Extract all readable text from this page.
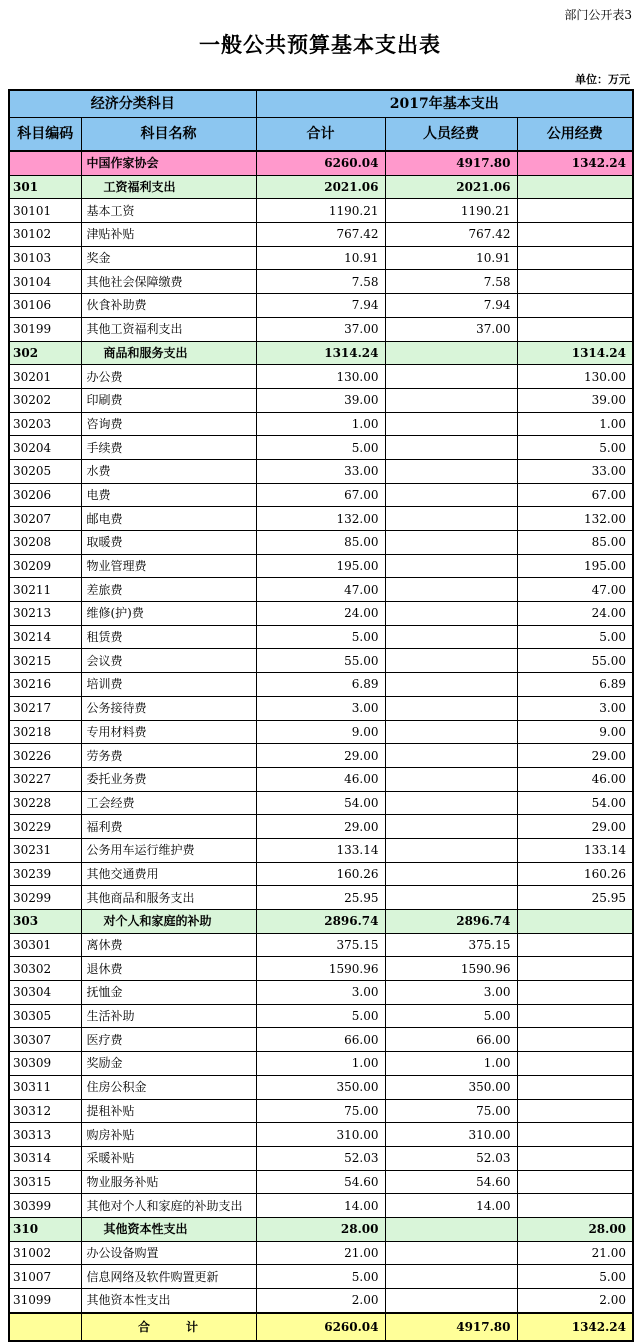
部门公开表3
一般公共预算基本支出表
单位：万元
经济分类科目		2017年基本支出		
科目编码	科目名称	合计	人员经费	公用经费
	中国作家协会	6260.04	4917.80	1342.24
301	工资福利支出	2021.06	2021.06	
30101	基本工资	1190.21	1190.21	
30102	津贴补贴	767.42	767.42	
30103	奖金	10.91	10.91	
30104	其他社会保障缴费	7.58	7.58	
30106	伙食补助费	7.94	7.94	
30199	其他工资福利支出	37.00	37.00	
302	商品和服务支出	1314.24		1314.24
30201	办公费	130.00		130.00
30202	印刷费	39.00		39.00
30203	咨询费	1.00		1.00
30204	手续费	5.00		5.00
30205	水费	33.00		33.00
30206	电费	67.00		67.00
30207	邮电费	132.00		132.00
30208	取暖费	85.00		85.00
30209	物业管理费	195.00		195.00
30211	差旅费	47.00		47.00
30213	维修(护)费	24.00		24.00
30214	租赁费	5.00		5.00
30215	会议费	55.00		55.00
30216	培训费	6.89		6.89
30217	公务接待费	3.00		3.00
30218	专用材料费	9.00		9.00
30226	劳务费	29.00		29.00
30227	委托业务费	46.00		46.00
30228	工会经费	54.00		54.00
30229	福利费	29.00		29.00
30231	公务用车运行维护费	133.14		133.14
30239	其他交通费用	160.26		160.26
30299	其他商品和服务支出	25.95		25.95
303	对个人和家庭的补助	2896.74	2896.74	
30301	离休费	375.15	375.15	
30302	退休费	1590.96	1590.96	
30304	抚恤金	3.00	3.00	
30305	生活补助	5.00	5.00	
30307	医疗费	66.00	66.00	
30309	奖励金	1.00	1.00	
30311	住房公积金	350.00	350.00	
30312	提租补贴	75.00	75.00	
30313	购房补贴	310.00	310.00	
30314	采暖补贴	52.03	52.03	
30315	物业服务补贴	54.60	54.60	
30399	其他对个人和家庭的补助支出	14.00	14.00	
310	其他资本性支出	28.00		28.00
31002	办公设备购置	21.00		21.00
31007	信息网络及软件购置更新	5.00		5.00
31099	其他资本性支出	2.00		2.00
	合　　　计	6260.04	4917.80	1342.24
